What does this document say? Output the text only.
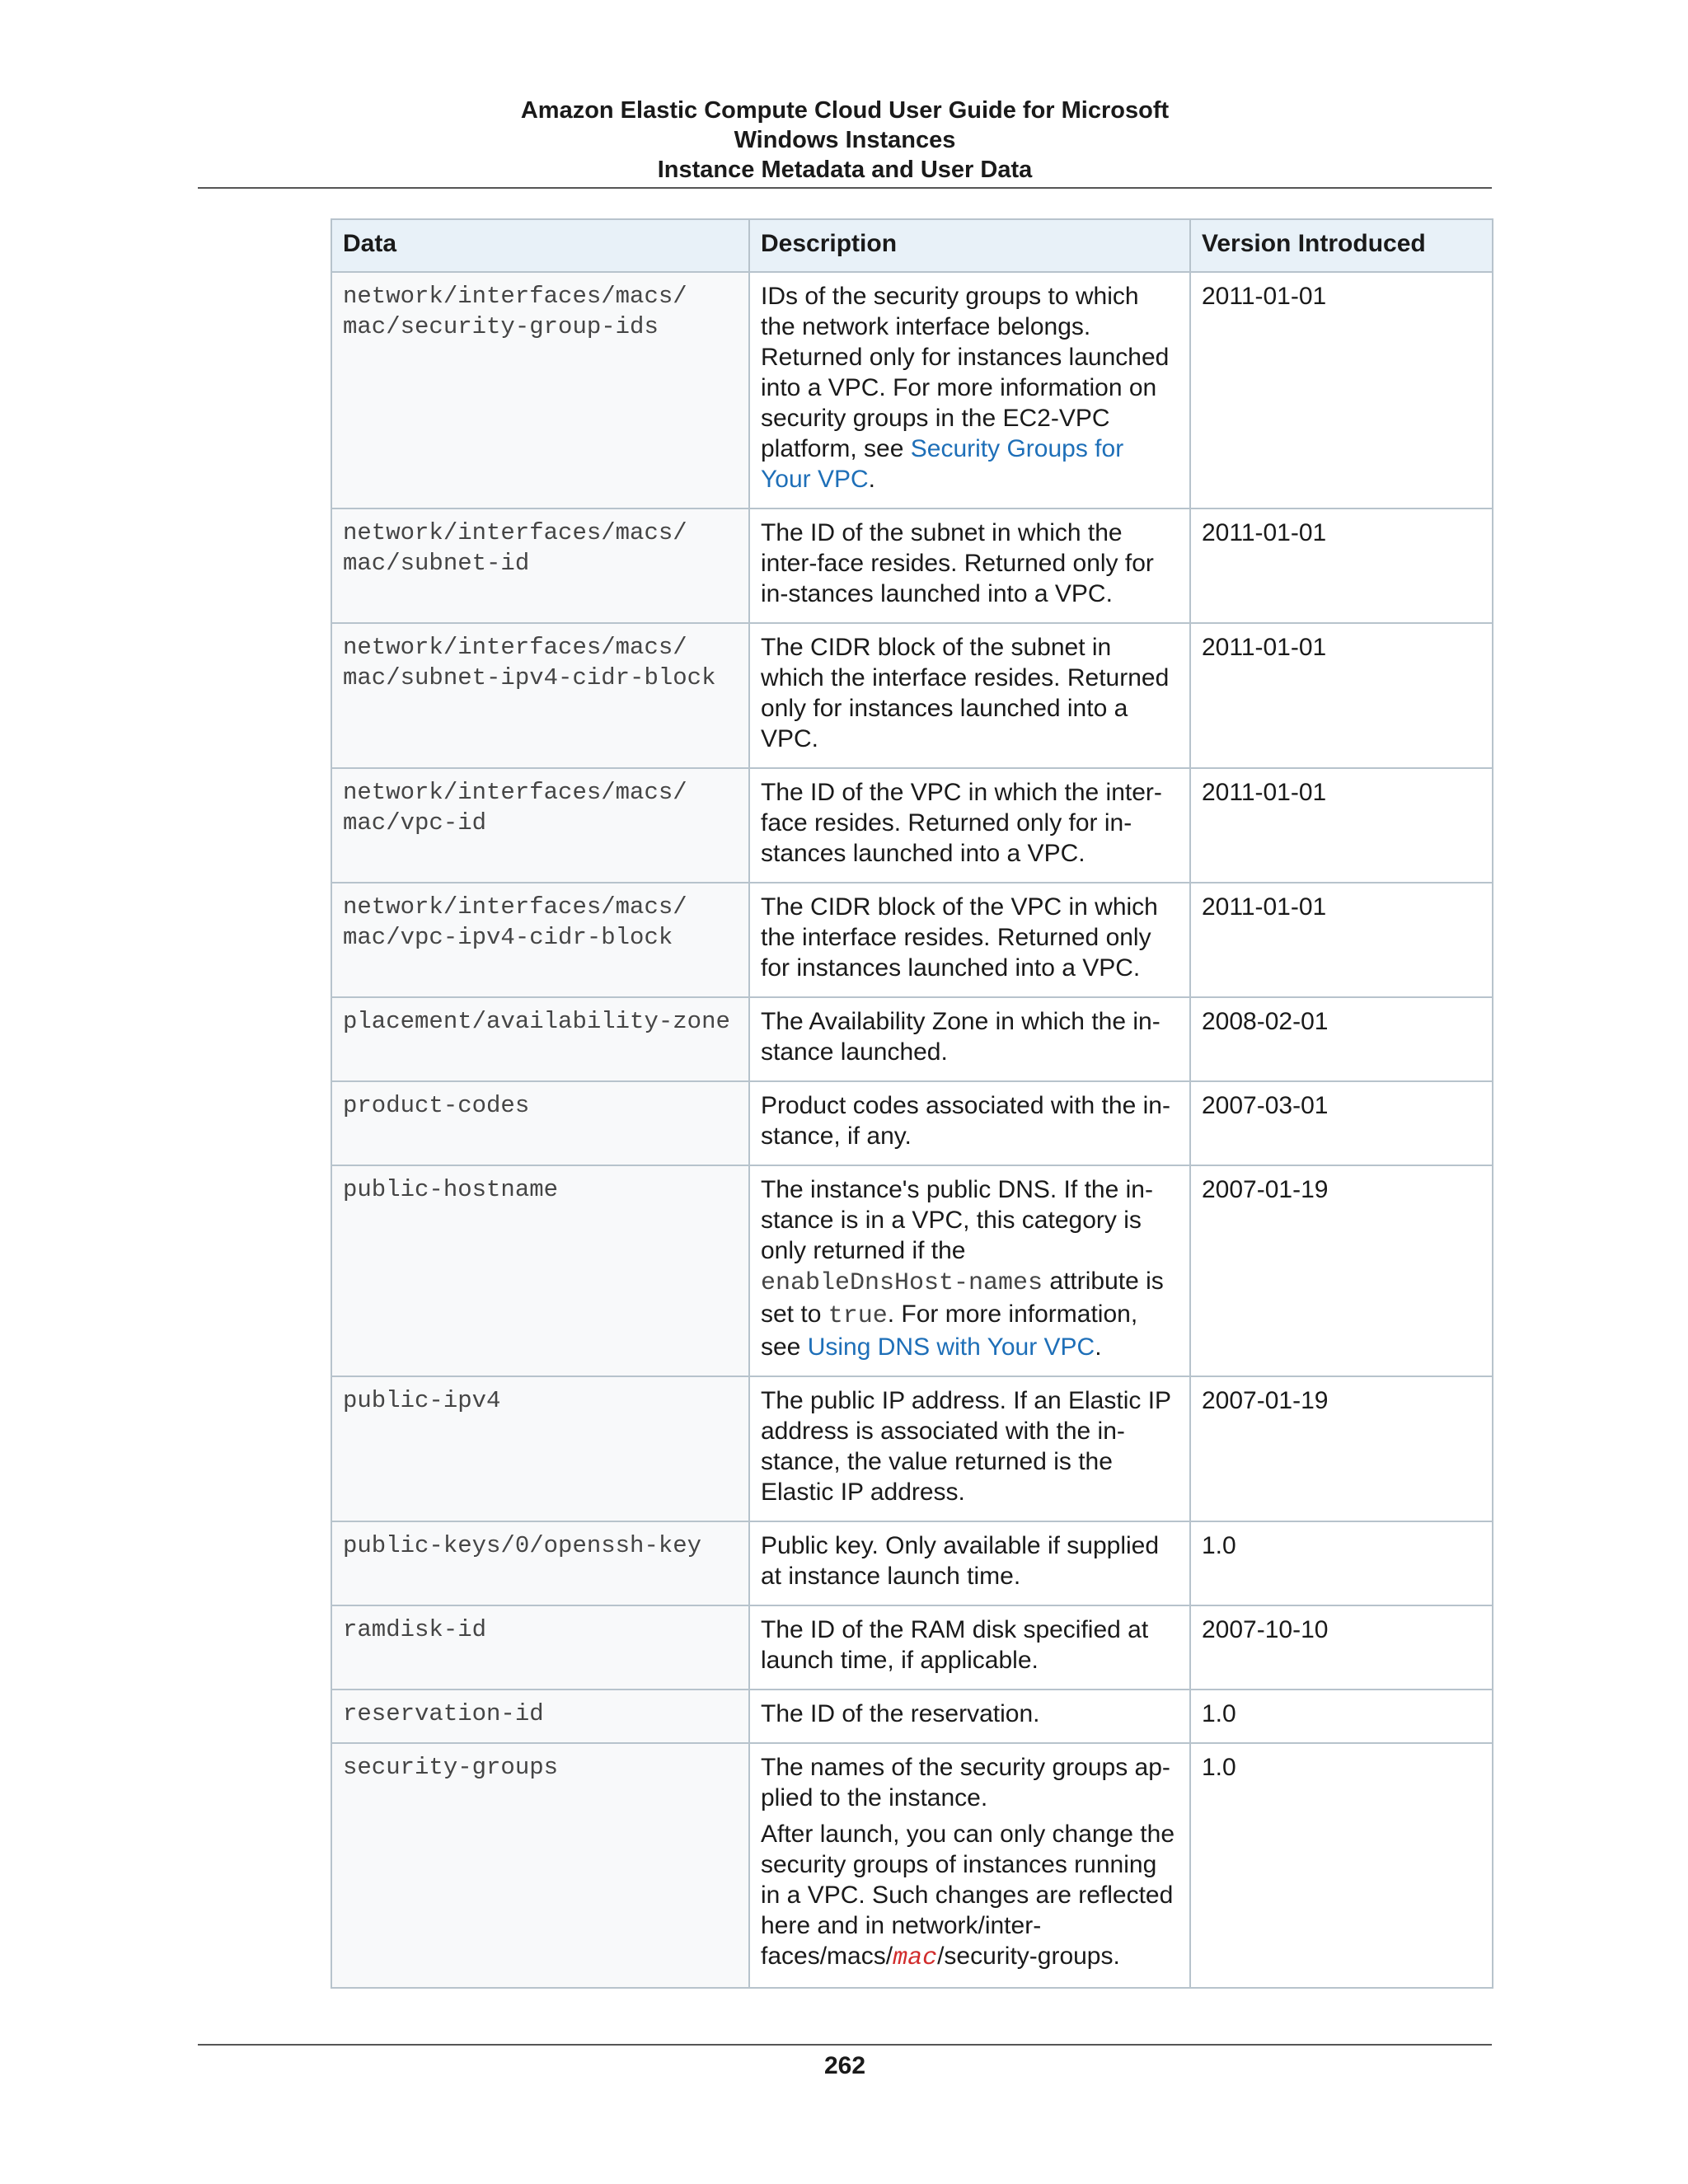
Amazon Elastic Compute Cloud User Guide for Microsoft
Windows Instances
Instance Metadata and User Data
Data	Description	Version Introduced

network/interfaces/macs/
mac/security-group-ids	IDs of the security groups to which the network interface belongs. Returned only for instances launched into a VPC. For more information on security groups in the EC2-VPC platform, see Security Groups for Your VPC.	2011-01-01

network/interfaces/macs/
mac/subnet-id	The ID of the subnet in which the inter-face resides. Returned only for in-stances launched into a VPC.	2011-01-01

network/interfaces/macs/
mac/subnet-ipv4-cidr-block	The CIDR block of the subnet in which the interface resides. Returned only for instances launched into a VPC.	2011-01-01

network/interfaces/macs/
mac/vpc-id	The ID of the VPC in which the inter-face resides. Returned only for in-stances launched into a VPC.	2011-01-01

network/interfaces/macs/
mac/vpc-ipv4-cidr-block	The CIDR block of the VPC in which the interface resides. Returned only for instances launched into a VPC.	2011-01-01

placement/availability-zone	The Availability Zone in which the in-stance launched.	2008-02-01

product-codes	Product codes associated with the in-stance, if any.	2007-03-01

public-hostname	The instance's public DNS. If the in-stance is in a VPC, this category is only returned if the enableDnsHost-names attribute is set to true. For more information, see Using DNS with Your VPC.	2007-01-19

public-ipv4	The public IP address. If an Elastic IP address is associated with the in-stance, the value returned is the Elastic IP address.	2007-01-19

public-keys/0/openssh-key	Public key. Only available if supplied at instance launch time.	1.0

ramdisk-id	The ID of the RAM disk specified at launch time, if applicable.	2007-10-10

reservation-id	The ID of the reservation.	1.0

security-groups	The names of the security groups ap-plied to the instance.
After launch, you can only change the security groups of instances running in a VPC. Such changes are reflected here and in network/inter-faces/macs/mac/security-groups.	1.0
262
